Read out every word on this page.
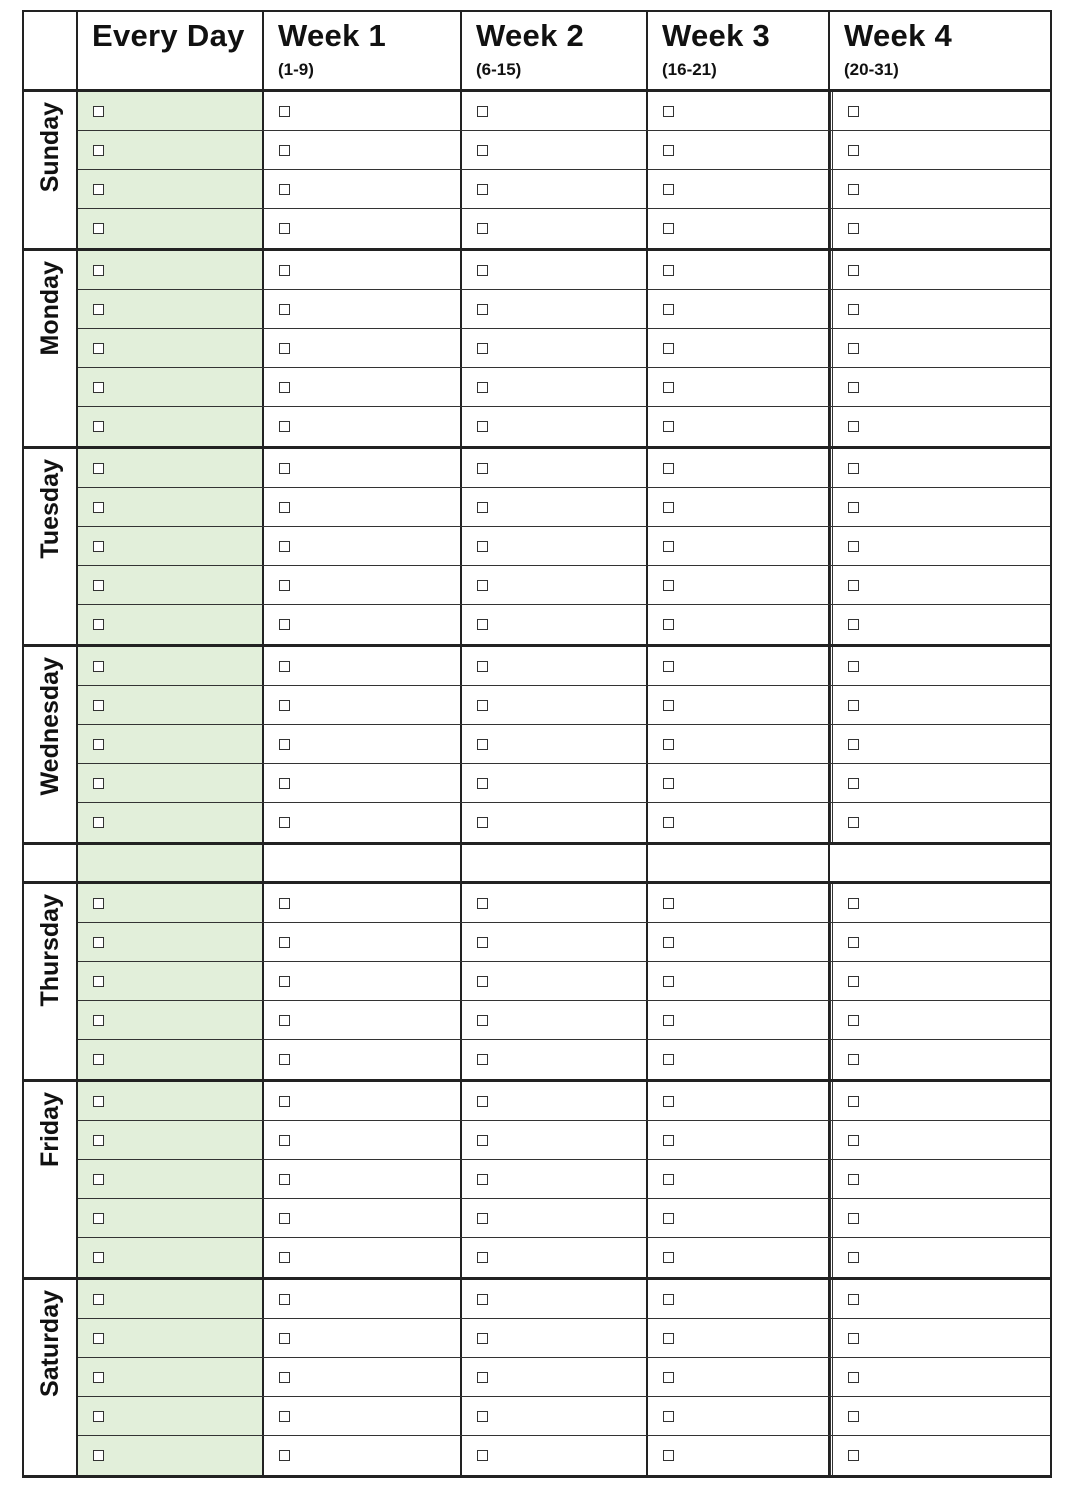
Every Day	Week 1
(1-9)
Week 2
(6-15)
Week 3
(16-21)
Week 4
(20-31)
Sunday
Monday
Tuesday
Wednesday
Thursday
Friday
Saturday
